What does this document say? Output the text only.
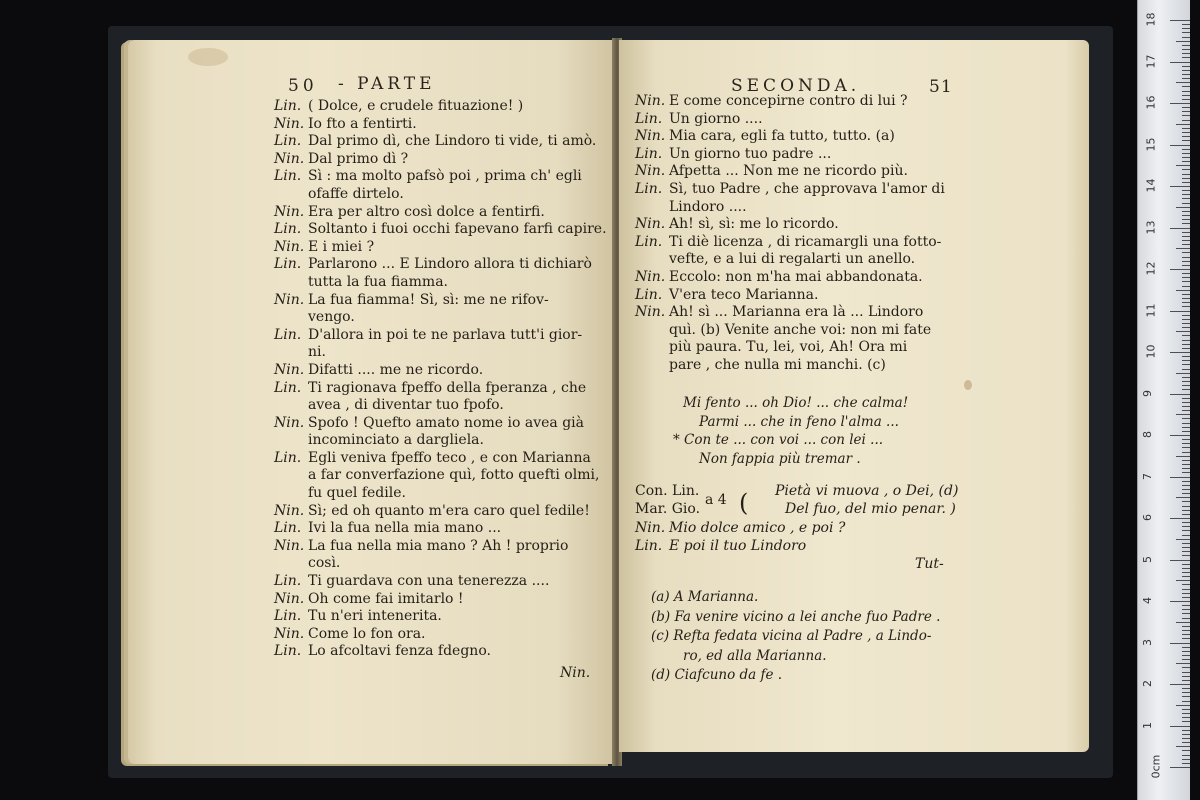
50 - PARTE
Lin. ( Dolce, e crudele fituazione! )
Nin. Io fto a fentirti.
Lin. Dal primo dì, che Lindoro ti vide, ti amò.
Nin. Dal primo dì ?
Lin. Sì : ma molto pafsò poi , prima ch' egli
ofaffe dirtelo.
Nin. Era per altro così dolce a fentirfi.
Lin. Soltanto i fuoi occhi fapevano farfi capire.
Nin. E i miei ?
Lin. Parlarono ... E Lindoro allora ti dichiarò
tutta la fua fiamma.
Nin. La fua fiamma! Sì, sì: me ne rifov-
vengo.
Lin. D'allora in poi te ne parlava tutt'i gior-
ni.
Nin. Difatti .... me ne ricordo.
Lin. Ti ragionava fpeffo della fperanza , che
avea , di diventar tuo fpofo.
Nin. Spofo ! Quefto amato nome io avea già
incominciato a dargliela.
Lin. Egli veniva fpeffo teco , e con Marianna
a far converfazione quì, fotto quefti olmi,
fu quel fedile.
Nin. Sì; ed oh quanto m'era caro quel fedile!
Lin. Ivi la fua nella mia mano ...
Nin. La fua nella mia mano ? Ah ! proprio
così.
Lin. Ti guardava con una tenerezza ....
Nin. Oh come fai imitarlo !
Lin. Tu n'eri intenerita.
Nin. Come lo fon ora.
Lin. Lo afcoltavi fenza fdegno.
Nin.
SECONDA.	51
Nin. E come concepirne contro di lui ?
Lin. Un giorno ....
Nin. Mia cara, egli fa tutto, tutto. (a)
Lin. Un giorno tuo padre ...
Nin. Afpetta ... Non me ne ricordo più.
Lin. Sì, tuo Padre , che approvava l'amor di
Lindoro ....
Nin. Ah! sì, sì: me lo ricordo.
Lin. Ti diè licenza , di ricamargli una fotto-
vefte, e a lui di regalarti un anello.
Nin. Eccolo: non m'ha mai abbandonata.
Lin. V'era teco Marianna.
Nin. Ah! sì ... Marianna era là ... Lindoro
quì. (b) Venite anche voi: non mi fate
più paura. Tu, lei, voi, Ah! Ora mi
pare , che nulla mi manchi. (c)
Mi fento ... oh Dio! ... che calma!
Parmi ... che in feno l'alma ...
* Con te ... con voi ... con lei ...
Non fappia più tremar .
Con. Lin.	Pietà vi muova , o Dei, (d)
Mar. Gio.
a 4 (	Del fuo, del mio penar. )
Nin. Mio dolce amico , e poi ?
Lin. E poi il tuo Lindoro
Tut-
(a) A Marianna.
(b) Fa venire vicino a lei anche fuo Padre .
(c) Refta fedata vicina al Padre , a Lindo-
ro, ed alla Marianna.
(d) Ciafcuno da fe .
18
17
16
15
14
13
12
11
10
9
8
7
6
5
4
3
2
1
0cm
